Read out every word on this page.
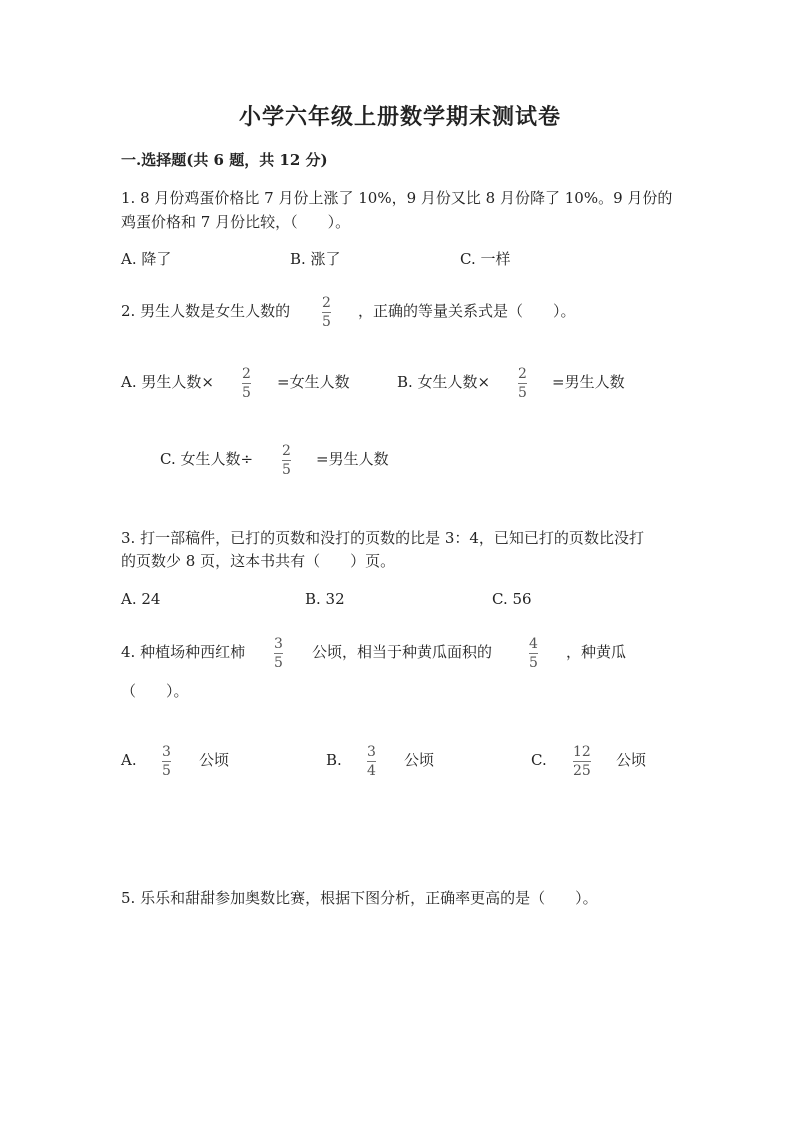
小学六年级上册数学期末测试卷
一.选择题(共 6 题，共 12 分)
1. 8 月份鸡蛋价格比 7 月份上涨了 10%，9 月份又比 8 月份降了 10%。9 月份的
鸡蛋价格和 7 月份比较，（　　）。
A. 降了	B. 涨了	C. 一样
2. 男生人数是女生人数的 2
5
，正确的等量关系式是（　　）。
A. 男生人数× 2
5
=女生人数	B. 女生人数× 2
5
=男生人数
C. 女生人数÷ 2
5
=男生人数
3. 打一部稿件，已打的页数和没打的页数的比是 3：4，已知已打的页数比没打
的页数少 8 页，这本书共有（　　）页。
A. 24	B. 32	C. 56
4. 种植场种西红柿 3
5
公顷，相当于种黄瓜面积的	4
5
，种黄瓜
（　　）。
A. 3
5
公顷	B. 3
4
公顷	C. 12
25
公顷
5. 乐乐和甜甜参加奥数比赛，根据下图分析，正确率更高的是（　　）。
